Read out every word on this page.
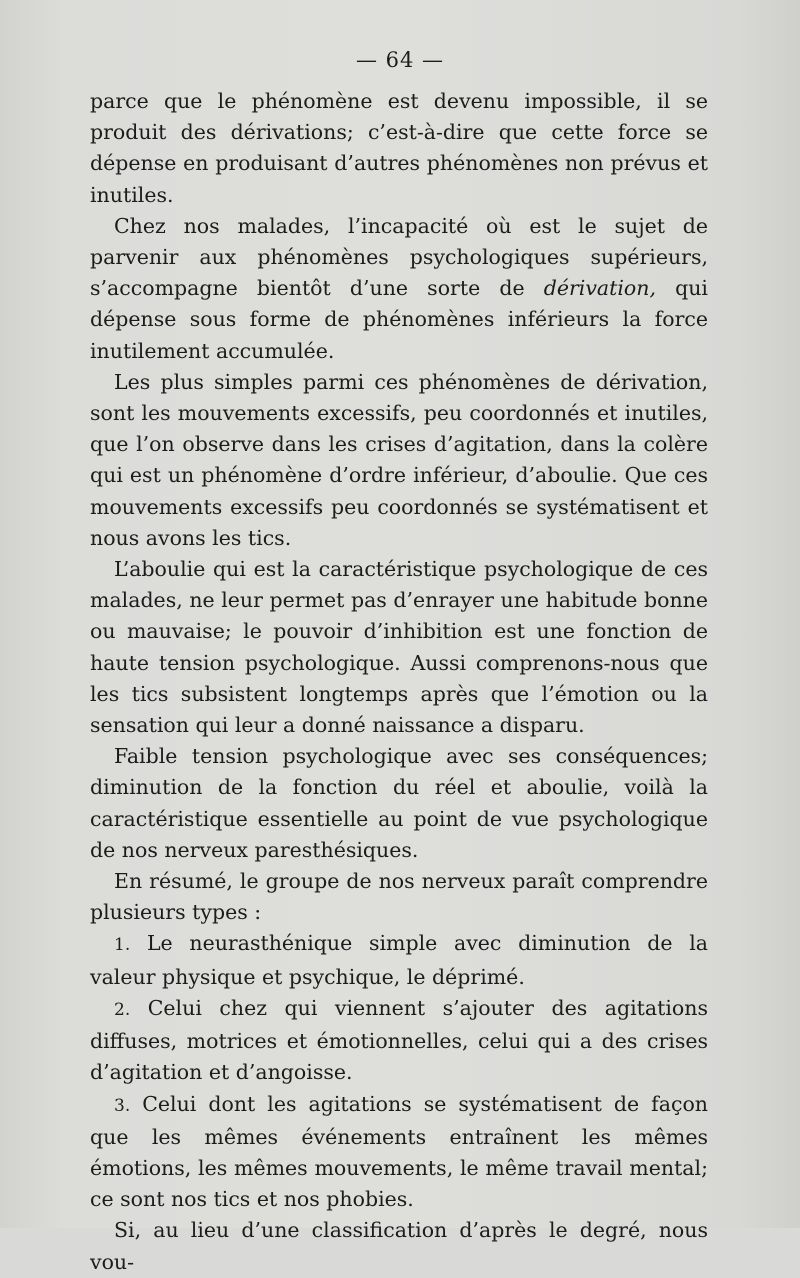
— 64 —

parce que le phénomène est devenu impossible, il se produit des dérivations; c’est-à-dire que cette force se dépense en produisant d’autres phénomènes non prévus et inutiles.

Chez nos malades, l’incapacité où est le sujet de parvenir aux phénomènes psychologiques supérieurs, s’accompagne bientôt d’une sorte de dérivation, qui dépense sous forme de phénomènes inférieurs la force inutilement accumulée.

Les plus simples parmi ces phénomènes de dérivation, sont les mouvements excessifs, peu coordonnés et inutiles, que l’on observe dans les crises d’agitation, dans la colère qui est un phénomène d’ordre inférieur, d’aboulie. Que ces mouvements excessifs peu coordonnés se systématisent et nous avons les tics.

L’aboulie qui est la caractéristique psychologique de ces malades, ne leur permet pas d’enrayer une habitude bonne ou mauvaise; le pouvoir d’inhibition est une fonction de haute tension psychologique. Aussi comprenons-nous que les tics subsistent longtemps après que l’émotion ou la sensation qui leur a donné naissance a disparu.

Faible tension psychologique avec ses conséquences; diminution de la fonction du réel et aboulie, voilà la caractéristique essentielle au point de vue psychologique de nos nerveux paresthésiques.

En résumé, le groupe de nos nerveux paraît comprendre plusieurs types :

1. Le neurasthénique simple avec diminution de la valeur physique et psychique, le déprimé.

2. Celui chez qui viennent s’ajouter des agitations diffuses, motrices et émotionnelles, celui qui a des crises d’agitation et d’angoisse.

3. Celui dont les agitations se systématisent de façon que les mêmes événements entraînent les mêmes émotions, les mêmes mouvements, le même travail mental; ce sont nos tics et nos phobies.

Si, au lieu d’une classification d’après le degré, nous vou-
